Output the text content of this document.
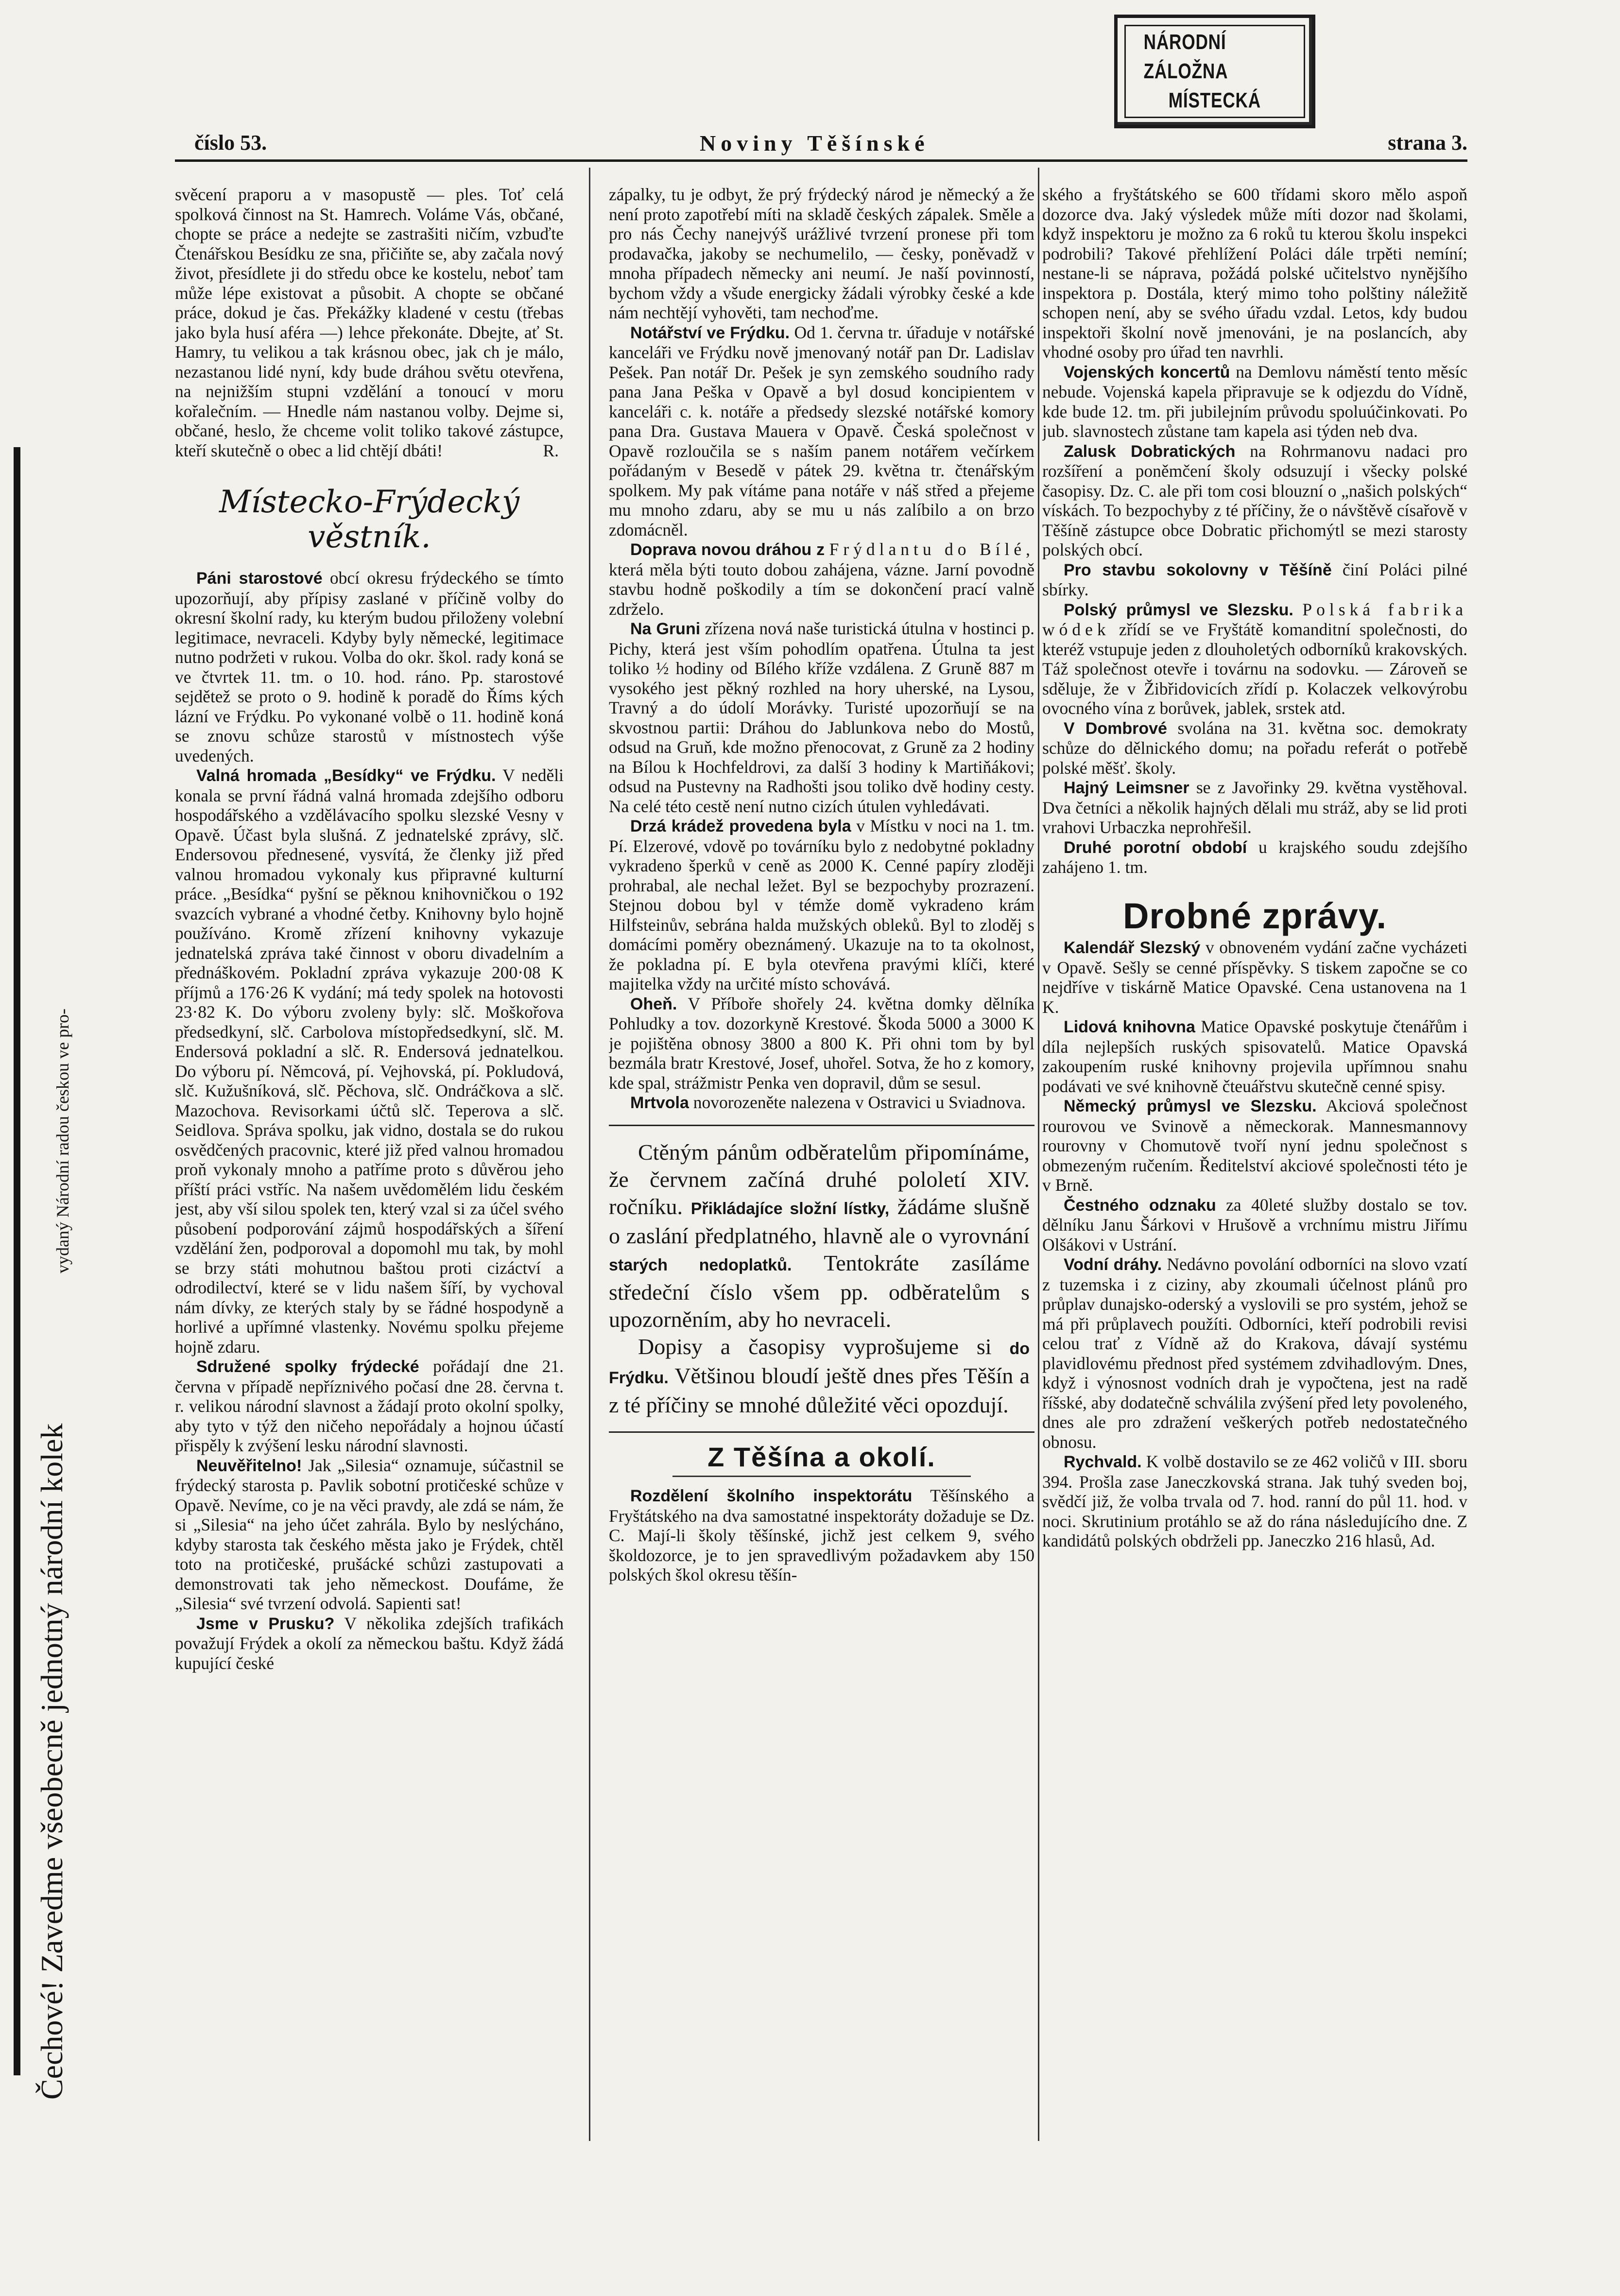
NÁRODNÍ ZÁLOŽNA
MÍSTECKÁ
Čechové! Zavedme všeobecně jednotný národní kolek
vydaný Národní radou českou ve pro-
číslo 53.	Noviny Těšínské	strana 3.

svěcení praporu a v masopustě — ples. Toť celá spolková činnost na St. Hamrech. Voláme Vás, občané, chopte se práce a nedejte se zastrašiti ničím, vzbuďte Čtenářskou Besídku ze sna, přičiňte se, aby začala nový život, přesídlete ji do středu obce ke kostelu, neboť tam může lépe existovat a působit. A chopte se občané práce, dokud je čas. Překážky kladené v cestu (třebas jako byla husí aféra —) lehce překonáte. Dbejte, ať St. Hamry, tu velikou a tak krásnou obec, jak ch je málo, nezastanou lidé nyní, kdy bude dráhou světu otevřena, na nejnižším stupni vzdělání a tonoucí v moru kořalečním. — Hnedle nám nastanou volby. Dejme si, občané, heslo, že chceme volit toliko takové zástupce, kteří skutečně o obec a lid chtějí dbáti!	R.

Místecko-Frýdecký věstník.

Páni starostové obcí okresu frýdeckého se tímto upozorňují, aby přípisy zaslané v příčině volby do okresní školní rady, ku kterým budou přiloženy volební legitimace, nevraceli. Kdyby byly německé, legitimace nutno podržeti v rukou. Volba do okr. škol. rady koná se ve čtvrtek 11. tm. o 10. hod. ráno. Pp. starostové sejdětež se proto o 9. hodině k poradě do Říms kých lázní ve Frýdku. Po vykonané volbě o 11. hodině koná se znovu schůze starostů v místnostech výše uvedených.

Valná hromada „Besídky“ ve Frýdku. V neděli konala se první řádná valná hromada zdejšího odboru hospodářského a vzdělávacího spolku slezské Vesny v Opavě. Účast byla slušná. Z jednatelské zprávy, slč. Endersovou přednesené, vysvítá, že členky již před valnou hromadou vykonaly kus připravné kulturní práce. „Besídka“ pyšní se pěknou knihovničkou o 192 svazcích vybrané a vhodné četby. Knihovny bylo hojně používáno. Kromě zřízení knihovny vykazuje jednatelská zpráva také činnost v oboru divadelním a přednáškovém. Pokladní zpráva vykazuje 200·08 K příjmů a 176·26 K vydání; má tedy spolek na hotovosti 23·82 K. Do výboru zvoleny byly: slč. Moškořova předsedkyní, slč. Carbolova místopředsedkyní, slč. M. Endersová pokladní a slč. R. Endersová jednatelkou. Do výboru pí. Němcová, pí. Vejhovská, pí. Pokludová, slč. Kužušníková, slč. Pěchova, slč. Ondráčkova a slč. Mazochova. Revisorkami účtů slč. Teperova a slč. Seidlova. Správa spolku, jak vidno, dostala se do rukou osvědčených pracovnic, které již před valnou hromadou proň vykonaly mnoho a patříme proto s důvěrou jeho příští práci vstříc. Na našem uvědomělém lidu českém jest, aby vší silou spolek ten, který vzal si za účel svého působení podporování zájmů hospodářských a šíření vzdělání žen, podporoval a dopomohl mu tak, by mohl se brzy státi mohutnou baštou proti cizáctví a odrodilectví, které se v lidu našem šíří, by vychoval nám dívky, ze kterých staly by se řádné hospodyně a horlivé a upřímné vlastenky. Novému spolku přejeme hojně zdaru.

Sdružené spolky frýdecké pořádají dne 21. června v případě nepříznivého počasí dne 28. června t. r. velikou národní slavnost a žádají proto okolní spolky, aby tyto v týž den ničeho nepořádaly a hojnou účastí přispěly k zvýšení lesku národní slavnosti.

Neuvěřitelno! Jak „Silesia“ oznamuje, súčastnil se frýdecký starosta p. Pavlik sobotní protičeské schůze v Opavě. Nevíme, co je na věci pravdy, ale zdá se nám, že si „Silesia“ na jeho účet zahrála. Bylo by neslýcháno, kdyby starosta tak českého města jako je Frýdek, chtěl toto na protičeské, prušácké schůzi zastupovati a demonstrovati tak jeho německost. Doufáme, že „Silesia“ své tvrzení odvolá. Sapienti sat!

Jsme v Prusku? V několika zdejších trafikách považují Frýdek a okolí za německou baštu. Když žádá kupující české

zápalky, tu je odbyt, že prý frýdecký národ je německý a že není proto zapotřebí míti na skladě českých zápalek. Směle a pro nás Čechy nanejvýš urážlivé tvrzení pronese při tom prodavačka, jakoby se nechumelilo, — česky, poněvadž v mnoha případech německy ani neumí. Je naší povinností, bychom vždy a všude energicky žádali výrobky české a kde nám nechtějí vyhověti, tam nechoďme.

Notářství ve Frýdku. Od 1. června tr. úřaduje v notářské kanceláři ve Frýdku nově jmenovaný notář pan Dr. Ladislav Pešek. Pan notář Dr. Pešek je syn zemského soudního rady pana Jana Peška v Opavě a byl dosud koncipientem v kanceláři c. k. notáře a předsedy slezské notářské komory pana Dra. Gustava Mauera v Opavě. Česká společnost v Opavě rozloučila se s naším panem notářem večírkem pořádaným v Besedě v pátek 29. května tr. čtenářským spolkem. My pak vítáme pana notáře v náš střed a přejeme mu mnoho zdaru, aby se mu u nás zalíbilo a on brzo zdomácněl.

Doprava novou dráhou z Frýdlantu do Bílé, která měla býti touto dobou zahájena, vázne. Jarní povodně stavbu hodně poškodily a tím se dokončení prací valně zdrželo.

Na Gruni zřízena nová naše turistická útulna v hostinci p. Pichy, která jest vším pohodlím opatřena. Útulna ta jest toliko ½ hodiny od Bílého kříže vzdálena. Z Gruně 887 m vysokého jest pěkný rozhled na hory uherské, na Lysou, Travný a do údolí Morávky. Turisté upozorňují se na skvostnou partii: Dráhou do Jablunkova nebo do Mostů, odsud na Gruň, kde možno přenocovat, z Gruně za 2 hodiny na Bílou k Hochfeldrovi, za další 3 hodiny k Martiňákovi; odsud na Pustevny na Radhošti jsou toliko dvě hodiny cesty. Na celé této cestě není nutno cizích útulen vyhledávati.

Drzá krádež provedena byla v Místku v noci na 1. tm. Pí. Elzerové, vdově po továrníku bylo z nedobytné pokladny vykradeno šperků v ceně as 2000 K. Cenné papíry zloději prohrabal, ale nechal ležet. Byl se bezpochyby prozrazení. Stejnou dobou byl v témže domě vykradeno krám Hilfsteinův, sebrána halda mužských obleků. Byl to zloděj s domácími poměry obeznámený. Ukazuje na to ta okolnost, že pokladna pí. E byla otevřena pravými klíči, které majitelka vždy na určité místo schovává.

Oheň. V Příboře shořely 24. května domky dělníka Pohludky a tov. dozorkyně Krestové. Škoda 5000 a 3000 K je pojištěna obnosy 3800 a 800 K. Při ohni tom by byl bezmála bratr Krestové, Josef, uhořel. Sotva, že ho z komory, kde spal, strážmistr Penka ven dopravil, dům se sesul.

Mrtvola novorozeněte nalezena v Ostravici u Sviadnova.

Ctěným pánům odběratelům připomínáme, že červnem začíná druhé pololetí XIV. ročníku. Přikládajíce složní lístky, žádáme slušně o zaslání předplatného, hlavně ale o vyrovnání starých nedoplatků. Tentokráte zasíláme středeční číslo všem pp. odběratelům s upozorněním, aby ho nevraceli.

Dopisy a časopisy vyprošujeme si do Frýdku. Většinou bloudí ještě dnes přes Těšín a z té příčiny se mnohé důležité věci opozdují.

Z Těšína a okolí.

Rozdělení školního inspektorátu Těšínského a Fryštátského na dva samostatné inspektoráty dožaduje se Dz. C. Mají-li školy těšínské, jichž jest celkem 9, svého školdozorce, je to jen spravedlivým požadavkem aby 150 polských škol okresu těšín-

ského a fryštátského se 600 třídami skoro mělo aspoň dozorce dva. Jaký výsledek může míti dozor nad školami, když inspektoru je možno za 6 roků tu kterou školu inspekci podrobili? Takové přehlížení Poláci dále trpěti nemíní; nestane-li se náprava, požádá polské učitelstvo nynějšího inspektora p. Dostála, který mimo toho polštiny náležitě schopen není, aby se svého úřadu vzdal. Letos, kdy budou inspektoři školní nově jmenováni, je na poslancích, aby vhodné osoby pro úřad ten navrhli.

Vojenských koncertů na Demlovu náměstí tento měsíc nebude. Vojenská kapela připravuje se k odjezdu do Vídně, kde bude 12. tm. při jubilejním průvodu spoluúčinkovati. Po jub. slavnostech zůstane tam kapela asi týden neb dva.

Zalusk Dobratických na Rohrmanovu nadaci pro rozšíření a poněmčení školy odsuzují i všecky polské časopisy. Dz. C. ale při tom cosi blouzní o „našich polských“ vískách. To bezpochyby z té příčiny, že o návštěvě císařově v Těšíně zástupce obce Dobratic přichomýtl se mezi starosty polských obcí.

Pro stavbu sokolovny v Těšíně činí Poláci pilné sbírky.

Polský průmysl ve Slezsku. Polská fabrika wódek zřídí se ve Fryštátě komanditní společnosti, do kteréž vstupuje jeden z dlouholetých odborníků krakovských. Táž společnost otevře i továrnu na sodovku. — Zároveň se sděluje, že v Žibřidovicích zřídí p. Kolaczek velkovýrobu ovocného vína z borůvek, jablek, srstek atd.

V Dombrové svolána na 31. května soc. demokraty schůze do dělnického domu; na pořadu referát o potřebě polské měšť. školy.

Hajný Leimsner se z Javořinky 29. května vystěhoval. Dva četníci a několik hajných dělali mu stráž, aby se lid proti vrahovi Urbaczka neprohřešil.

Druhé porotní období u krajského soudu zdejšího zahájeno 1. tm.

Drobné zprávy.

Kalendář Slezský v obnoveném vydání začne vycházeti v Opavě. Sešly se cenné příspěvky. S tiskem započne se co nejdříve v tiskárně Matice Opavské. Cena ustanovena na 1 K.

Lidová knihovna Matice Opavské poskytuje čtenářům i díla nejlepších ruských spisovatelů. Matice Opavská zakoupením ruské knihovny projevila upřímnou snahu podávati ve své knihovně čteuářstvu skutečně cenné spisy.

Německý průmysl ve Slezsku. Akciová společnost rourovou ve Svinově a německorak. Mannesmannovy rourovny v Chomutově tvoří nyní jednu společnost s obmezeným ručením. Ředitelství akciové společnosti této je v Brně.

Čestného odznaku za 40leté služby dostalo se tov. dělníku Janu Šárkovi v Hrušově a vrchnímu mistru Jiřímu Olšákovi v Ustrání.

Vodní dráhy. Nedávno povolání odborníci na slovo vzatí z tuzemska i z ciziny, aby zkoumali účelnost plánů pro průplav dunajsko-oderský a vyslovili se pro systém, jehož se má při průplavech použíti. Odborníci, kteří podrobili revisi celou trať z Vídně až do Krakova, dávají systému plavidlovému přednost před systémem zdvihadlovým. Dnes, když i výnosnost vodních drah je vypočtena, jest na radě říšské, aby dodatečně schválila zvýšení před lety povoleného, dnes ale pro zdražení veškerých potřeb nedostatečného obnosu.

Rychvald. K volbě dostavilo se ze 462 voličů v III. sboru 394. Prošla zase Janeczkovská strana. Jak tuhý sveden boj, svědčí již, že volba trvala od 7. hod. ranní do půl 11. hod. v noci. Skrutinium protáhlo se až do rána následujícího dne. Z kandidátů polských obdrželi pp. Janeczko 216 hlasů, Ad.
